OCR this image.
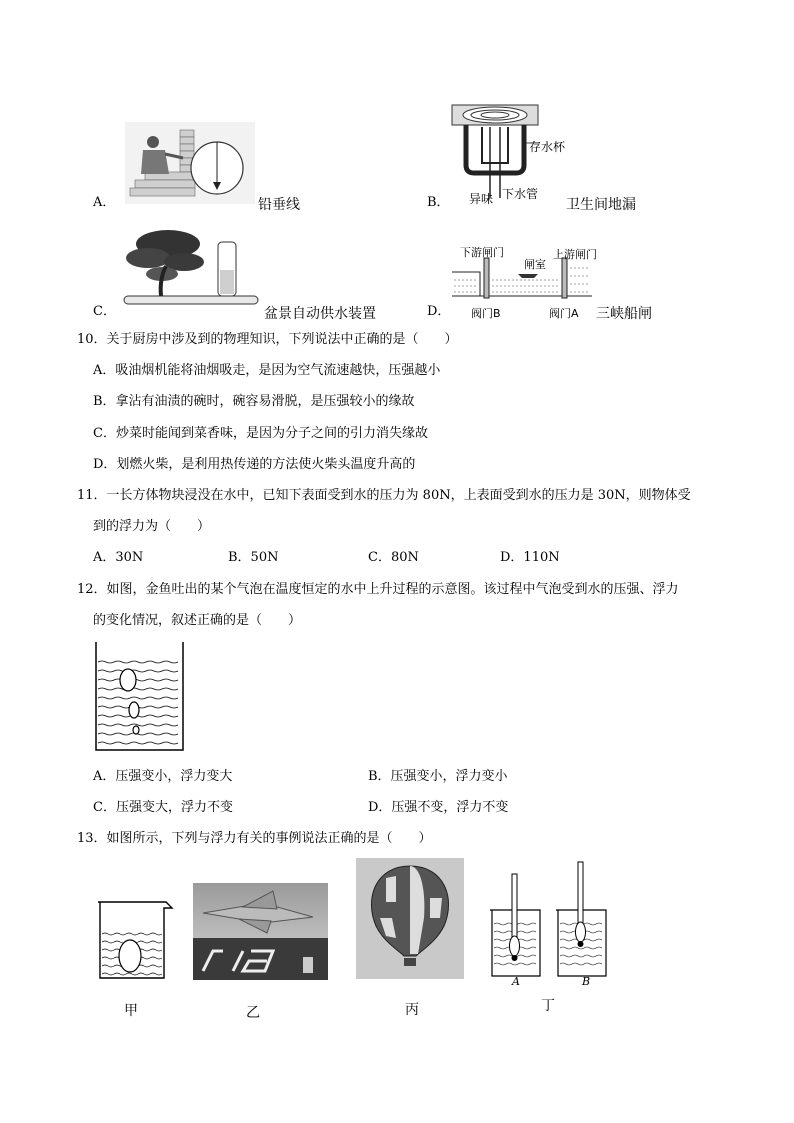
A．	铅垂线	B．
存水杯
异味 下水管
卫生间地漏
C．	盆景自动供水装置	D．
下游闸门
闸室
上游闸门
阀门B	阀门A 三峡船闸
10．关于厨房中涉及到的物理知识，下列说法中正确的是（　　）
A．吸油烟机能将油烟吸走，是因为空气流速越快，压强越小
B．拿沾有油渍的碗时，碗容易滑脱，是压强较小的缘故
C．炒菜时能闻到菜香味，是因为分子之间的引力消失缘故
D．划燃火柴，是利用热传递的方法使火柴头温度升高的
11．一长方体物块浸没在水中，已知下表面受到水的压力为 80N，上表面受到水的压力是 30N，则物体受
到的浮力为（　　）
A．30N	B．50N	C．80N	D．110N
12．如图，金鱼吐出的某个气泡在温度恒定的水中上升过程的示意图。该过程中气泡受到水的压强、浮力
的变化情况，叙述正确的是（　　）
A．压强变小，浮力变大	B．压强变小，浮力变小
C．压强变大，浮力不变	D．压强不变，浮力不变
13．如图所示，下列与浮力有关的事例说法正确的是（　　）
甲	乙	丙	丁
A	B
